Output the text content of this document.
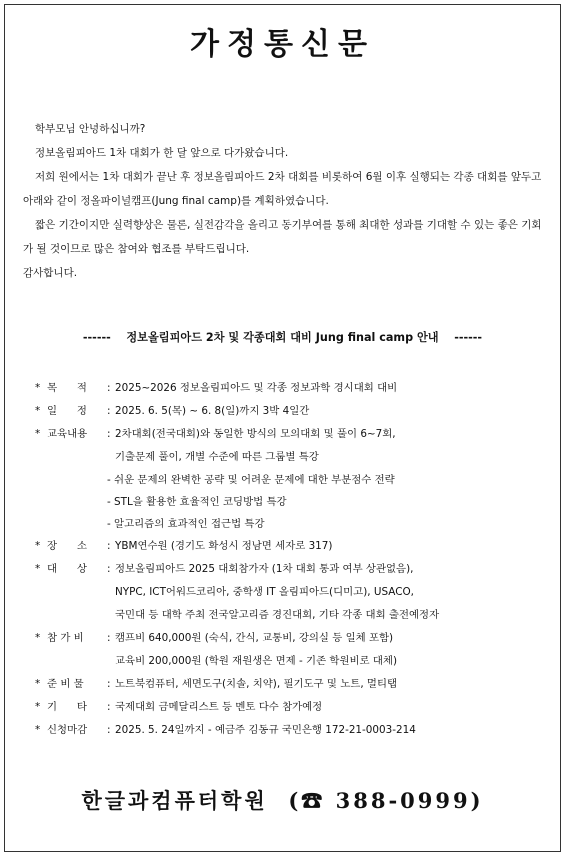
가정통신문

학부모님 안녕하십니까?

정보올림피아드 1차 대회가 한 달 앞으로 다가왔습니다.

저희 원에서는 1차 대회가 끝난 후 정보올림피아드 2차 대회를 비롯하여 6월 이후 실행되는 각종 대회를 앞두고 아래와 같이 정올파이널캠프(Jung final camp)를 계획하였습니다.

짧은 기간이지만 실력향상은 물론, 실전감각을 올리고 동기부여를 통해 최대한 성과를 기대할 수 있는 좋은 기회가 될 것이므로 많은 참여와 협조를 부탁드립니다.

감사합니다.

------ 정보올림피아드 2차 및 각종대회 대비 Jung final camp 안내 ------
* 목      적	: 2025~2026 정보올림피아드 및 각종 정보과학 경시대회 대비
* 일      정	: 2025. 6. 5(목) ~ 6. 8(일)까지 3박 4일간
* 교육내용	: 2차대회(전국대회)와 동일한 방식의 모의대회 및 풀이 6~7회,
기출문제 풀이, 개별 수준에 따른 그룹별 특강
- 쉬운 문제의 완벽한 공략 및 어려운 문제에 대한 부분점수 전략
- STL을 활용한 효율적인 코딩방법 특강
- 알고리즘의 효과적인 접근법 특강
* 장      소	: YBM연수원 (경기도 화성시 정남면 세자로 317)
* 대      상	: 정보올림피아드 2025 대회참가자 (1차 대회 통과 여부 상관없음),
NYPC, ICT어워드코리아, 중학생 IT 올림피아드(디미고), USACO,
국민대 등 대학 주최 전국알고리즘 경진대회, 기타 각종 대회 출전예정자
* 참 가 비	: 캠프비 640,000원 (숙식, 간식, 교통비, 강의실 등 일체 포함)
교육비 200,000원 (학원 재원생은 면제 - 기존 학원비로 대체)
* 준 비 물	: 노트북컴퓨터, 세면도구(치솔, 치약), 필기도구 및 노트, 멀티탭
* 기      타	: 국제대회 금메달리스트 등 멘토 다수 참가예정
* 신청마감	: 2025. 5. 24일까지 - 예금주 김동규 국민은행 172-21-0003-214
한글과컴퓨터학원  (☎ 388-0999)
